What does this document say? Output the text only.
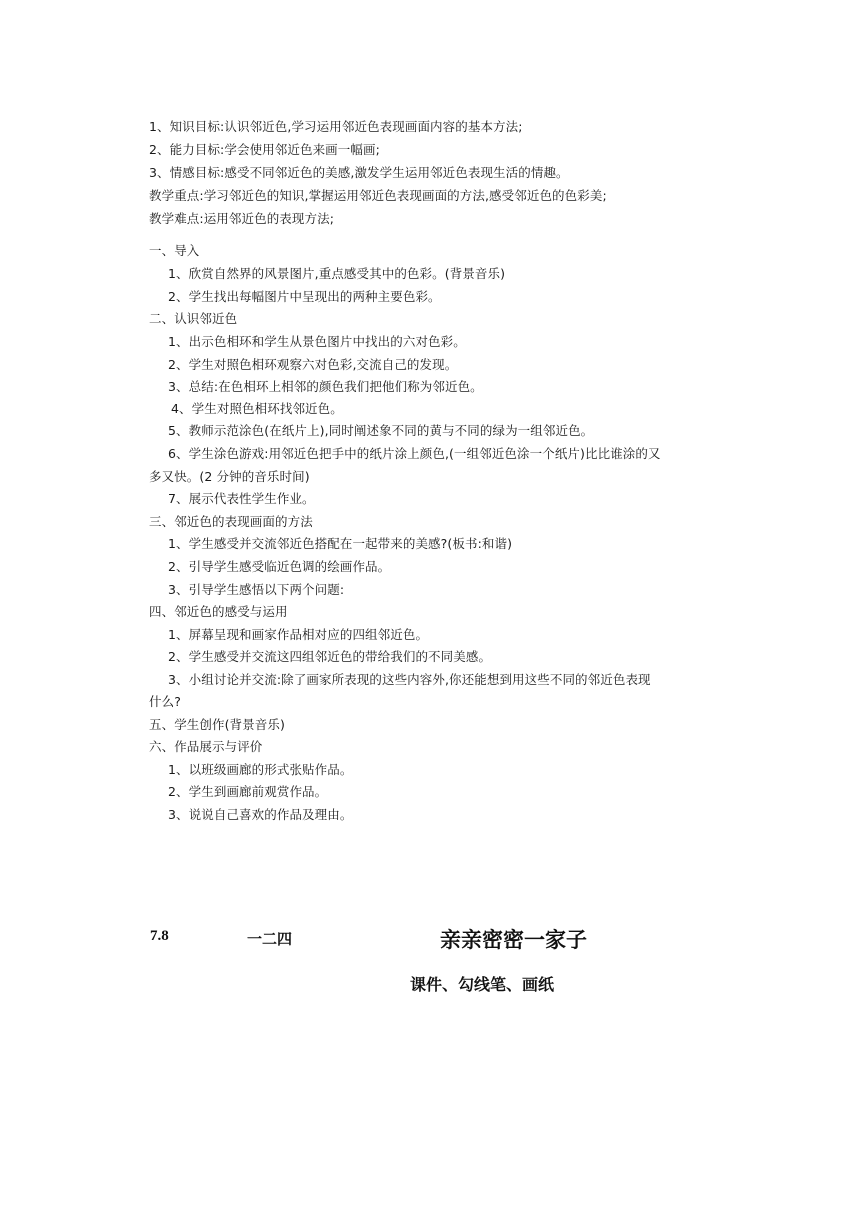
1、知识目标:认识邻近色,学习运用邻近色表现画面内容的基本方法;
2、能力目标:学会使用邻近色来画一幅画;
3、情感目标:感受不同邻近色的美感,激发学生运用邻近色表现生活的情趣。
教学重点:学习邻近色的知识,掌握运用邻近色表现画面的方法,感受邻近色的色彩美;
教学难点:运用邻近色的表现方法;
一、导入
1、欣赏自然界的风景图片,重点感受其中的色彩。(背景音乐)
2、学生找出每幅图片中呈现出的两种主要色彩。
二、认识邻近色
1、出示色相环和学生从景色图片中找出的六对色彩。
2、学生对照色相环观察六对色彩,交流自己的发现。
3、总结:在色相环上相邻的颜色我们把他们称为邻近色。
4、学生对照色相环找邻近色。
5、教师示范涂色(在纸片上),同时阐述象不同的黄与不同的绿为一组邻近色。
6、学生涂色游戏:用邻近色把手中的纸片涂上颜色,(一组邻近色涂一个纸片)比比谁涂的又
多又快。(2 分钟的音乐时间)
7、展示代表性学生作业。
三、邻近色的表现画面的方法
1、学生感受并交流邻近色搭配在一起带来的美感?(板书:和谐)
2、引导学生感受临近色调的绘画作品。
3、引导学生感悟以下两个问题:
四、邻近色的感受与运用
1、屏幕呈现和画家作品相对应的四组邻近色。
2、学生感受并交流这四组邻近色的带给我们的不同美感。
3、小组讨论并交流:除了画家所表现的这些内容外,你还能想到用这些不同的邻近色表现
什么?
五、学生创作(背景音乐)
六、作品展示与评价
1、以班级画廊的形式张贴作品。
2、学生到画廊前观赏作品。
3、说说自己喜欢的作品及理由。
7.8	一二四	亲亲密密一家子
课件、勾线笔、画纸
